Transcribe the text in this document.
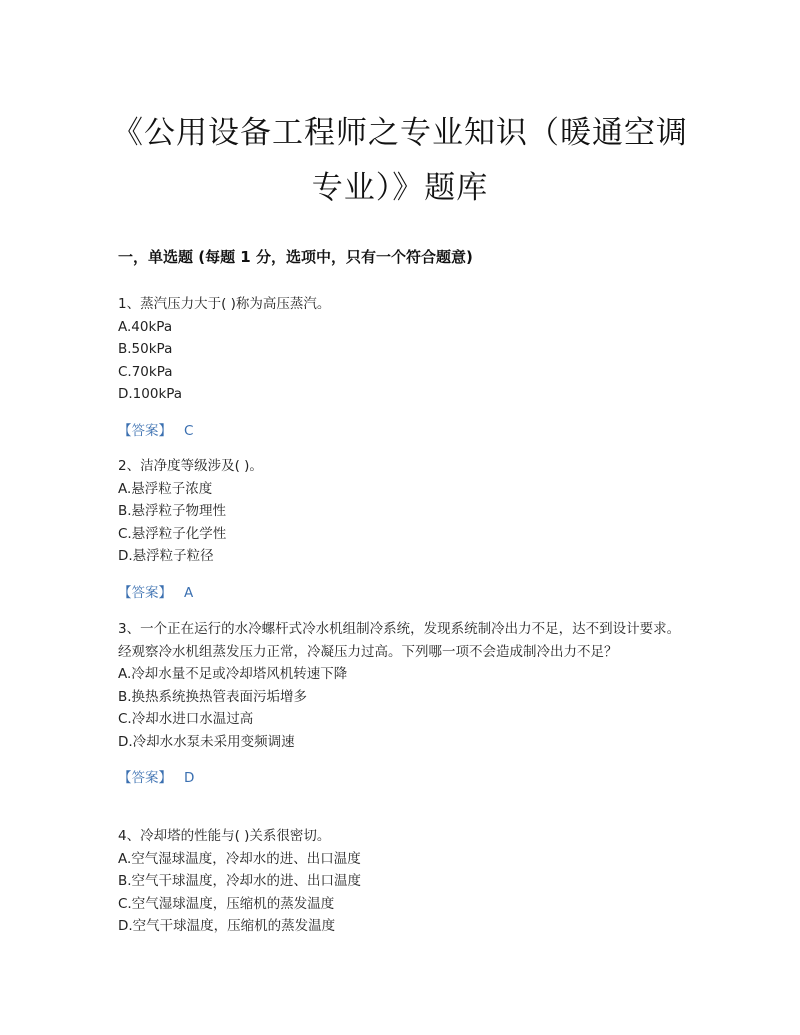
《公用设备工程师之专业知识（暖通空调专业）》题库
一，单选题 (每题 1 分，选项中，只有一个符合题意)

1、蒸汽压力大于( )称为高压蒸汽。

A.40kPa

B.50kPa

C.70kPa

D.100kPa

【答案】 C

2、洁净度等级涉及( )。

A.悬浮粒子浓度

B.悬浮粒子物理性

C.悬浮粒子化学性

D.悬浮粒子粒径

【答案】 A

3、一个正在运行的水冷螺杆式冷水机组制冷系统，发现系统制冷出力不足，达不到设计要求。经观察冷水机组蒸发压力正常，冷凝压力过高。下列哪一项不会造成制冷出力不足？

A.冷却水量不足或冷却塔风机转速下降

B.换热系统换热管表面污垢增多

C.冷却水进口水温过高

D.冷却水水泵未采用变频调速

【答案】 D

4、冷却塔的性能与( )关系很密切。

A.空气湿球温度，冷却水的进、出口温度

B.空气干球温度，冷却水的进、出口温度

C.空气湿球温度，压缩机的蒸发温度

D.空气干球温度，压缩机的蒸发温度
